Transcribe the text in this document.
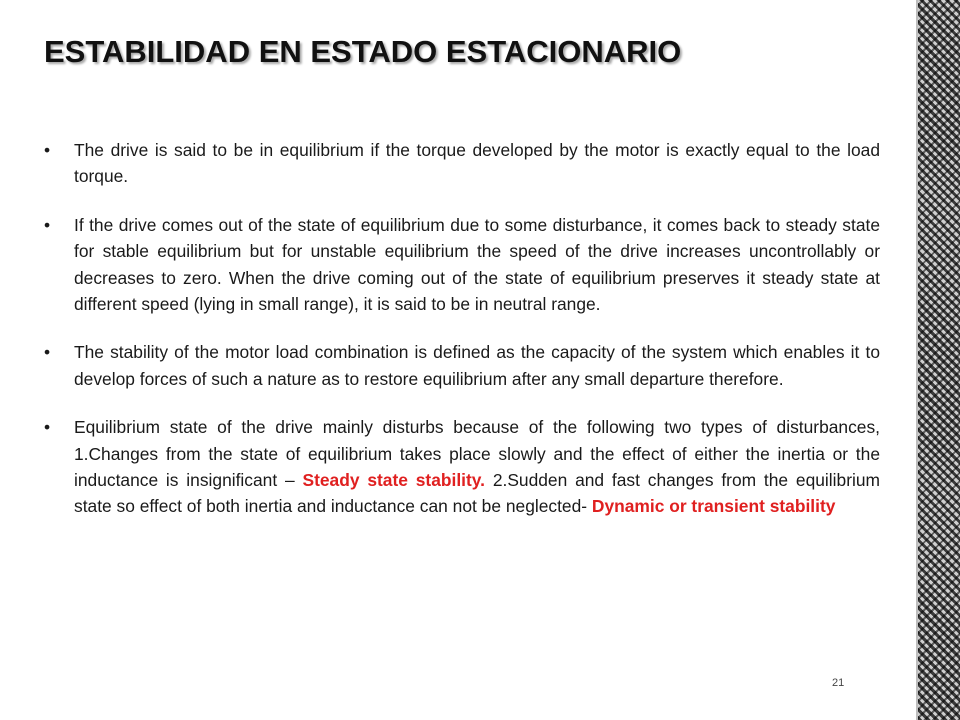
ESTABILIDAD EN ESTADO ESTACIONARIO
•	The drive is said to be in equilibrium if the torque developed by the motor is exactly equal to the load torque.
•	If the drive comes out of the state of equilibrium due to some disturbance, it comes back to steady state for stable equilibrium but for unstable equilibrium the speed of the drive increases uncontrollably or decreases to zero. When the drive coming out of the state of equilibrium preserves it steady state at different speed (lying in small range), it is said to be in neutral range.
•	The stability of the motor load combination is defined as the capacity of the system which enables it to develop forces of such a nature as to restore equilibrium after any small departure therefore.
•	Equilibrium state of the drive mainly disturbs because of the following two types of disturbances, 1.Changes from the state of equilibrium takes place slowly and the effect of either the inertia or the inductance is insignificant – Steady state stability. 2.Sudden and fast changes from the equilibrium state so effect of both inertia and inductance can not be neglected- Dynamic or transient stability
21
